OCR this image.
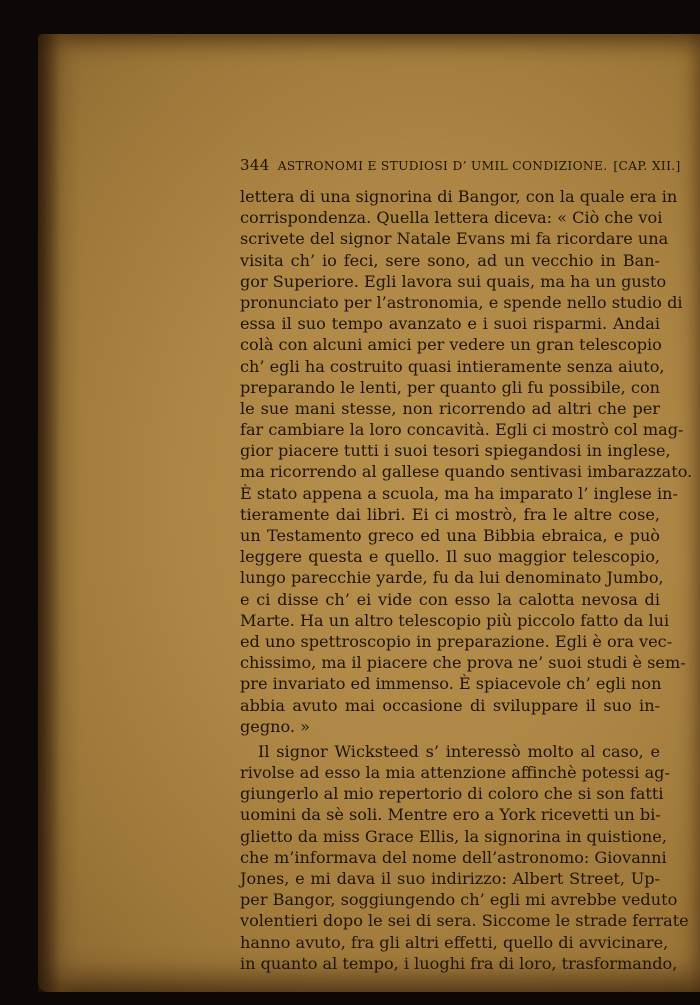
344 ASTRONOMI E STUDIOSI D’ UMIL CONDIZIONE. [CAP. XII.]
lettera di una signorina di Bangor, con la quale era in
corrispondenza. Quella lettera diceva: « Ciò che voi
scrivete del signor Natale Evans mi fa ricordare una
visita ch’ io feci, sere sono, ad un vecchio in Ban-
gor Superiore. Egli lavora sui quais, ma ha un gusto
pronunciato per l’astronomia, e spende nello studio di
essa il suo tempo avanzato e i suoi risparmi. Andai
colà con alcuni amici per vedere un gran telescopio
ch’ egli ha costruito quasi intieramente senza aiuto,
preparando le lenti, per quanto gli fu possibile, con
le sue mani stesse, non ricorrendo ad altri che per
far cambiare la loro concavità. Egli ci mostrò col mag-
gior piacere tutti i suoi tesori spiegandosi in inglese,
ma ricorrendo al gallese quando sentivasi imbarazzato.
È stato appena a scuola, ma ha imparato l’ inglese in-
tieramente dai libri. Ei ci mostrò, fra le altre cose,
un Testamento greco ed una Bibbia ebraica, e può
leggere questa e quello. Il suo maggior telescopio,
lungo parecchie yarde, fu da lui denominato Jumbo,
e ci disse ch’ ei vide con esso la calotta nevosa di
Marte. Ha un altro telescopio più piccolo fatto da lui
ed uno spettroscopio in preparazione. Egli è ora vec-
chissimo, ma il piacere che prova ne’ suoi studi è sem-
pre invariato ed immenso. È spiacevole ch’ egli non
abbia avuto mai occasione di sviluppare il suo in-
gegno. »
Il signor Wicksteed s’ interessò molto al caso, e
rivolse ad esso la mia attenzione affinchè potessi ag-
giungerlo al mio repertorio di coloro che si son fatti
uomini da sè soli. Mentre ero a York ricevetti un bi-
glietto da miss Grace Ellis, la signorina in quistione,
che m’informava del nome dell’astronomo: Giovanni
Jones, e mi dava il suo indirizzo: Albert Street, Up-
per Bangor, soggiungendo ch’ egli mi avrebbe veduto
volentieri dopo le sei di sera. Siccome le strade ferrate
hanno avuto, fra gli altri effetti, quello di avvicinare,
in quanto al tempo, i luoghi fra di loro, trasformando,
